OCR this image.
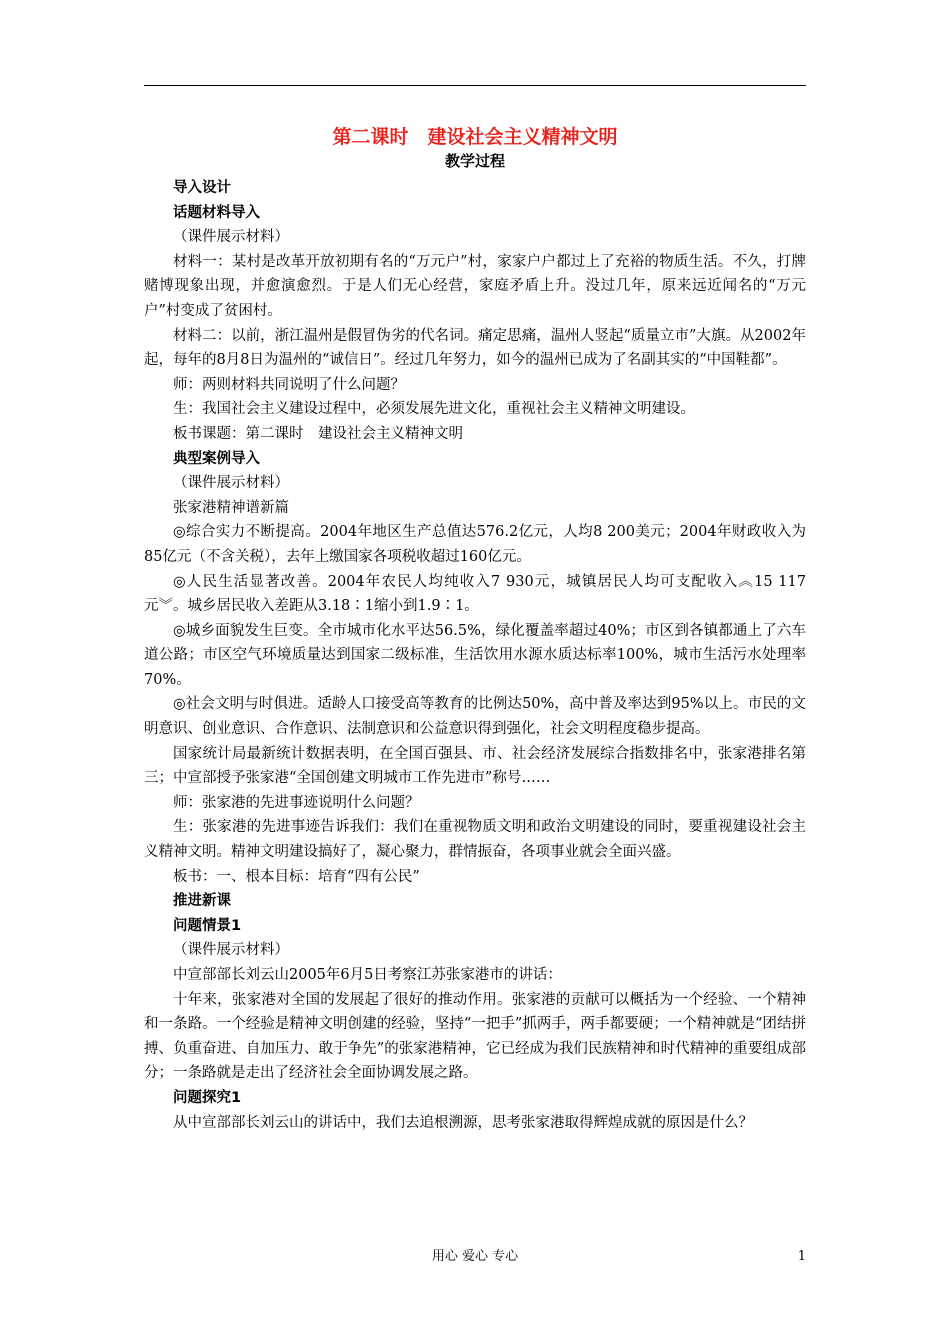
第二课时　建设社会主义精神文明
教学过程

导入设计

话题材料导入

（课件展示材料）

材料一：某村是改革开放初期有名的“万元户”村，家家户户都过上了充裕的物质生活。不久，打牌赌博现象出现，并愈演愈烈。于是人们无心经营，家庭矛盾上升。没过几年，原来远近闻名的“万元户”村变成了贫困村。

材料二：以前，浙江温州是假冒伪劣的代名词。痛定思痛，温州人竖起“质量立市”大旗。从2002年起，每年的8月8日为温州的“诚信日”。经过几年努力，如今的温州已成为了名副其实的“中国鞋都”。

师：两则材料共同说明了什么问题？

生：我国社会主义建设过程中，必须发展先进文化，重视社会主义精神文明建设。

板书课题：第二课时　建设社会主义精神文明

典型案例导入

（课件展示材料）

张家港精神谱新篇

◎综合实力不断提高。2004年地区生产总值达576.2亿元，人均8 200美元；2004年财政收入为85亿元（不含关税），去年上缴国家各项税收超过160亿元。

◎人民生活显著改善。2004年农民人均纯收入7 930元，城镇居民人均可支配收入︽15 117元︾。城乡居民收入差距从3.18∶1缩小到1.9∶1。

◎城乡面貌发生巨变。全市城市化水平达56.5%，绿化覆盖率超过40%；市区到各镇都通上了六车道公路；市区空气环境质量达到国家二级标准，生活饮用水源水质达标率100%，城市生活污水处理率70%。

◎社会文明与时俱进。适龄人口接受高等教育的比例达50%，高中普及率达到95%以上。市民的文明意识、创业意识、合作意识、法制意识和公益意识得到强化，社会文明程度稳步提高。

国家统计局最新统计数据表明，在全国百强县、市、社会经济发展综合指数排名中，张家港排名第三；中宣部授予张家港“全国创建文明城市工作先进市”称号……

师：张家港的先进事迹说明什么问题？

生：张家港的先进事迹告诉我们：我们在重视物质文明和政治文明建设的同时，要重视建设社会主义精神文明。精神文明建设搞好了，凝心聚力，群情振奋，各项事业就会全面兴盛。

板书：一、根本目标：培育“四有公民”

推进新课

问题情景1

（课件展示材料）

中宣部部长刘云山2005年6月5日考察江苏张家港市的讲话：

十年来，张家港对全国的发展起了很好的推动作用。张家港的贡献可以概括为一个经验、一个精神和一条路。一个经验是精神文明创建的经验，坚持“一把手”抓两手，两手都要硬；一个精神就是“团结拼搏、负重奋进、自加压力、敢于争先”的张家港精神，它已经成为我们民族精神和时代精神的重要组成部分；一条路就是走出了经济社会全面协调发展之路。

问题探究1

从中宣部部长刘云山的讲话中，我们去追根溯源，思考张家港取得辉煌成就的原因是什么？

用心 爱心 专心	1
